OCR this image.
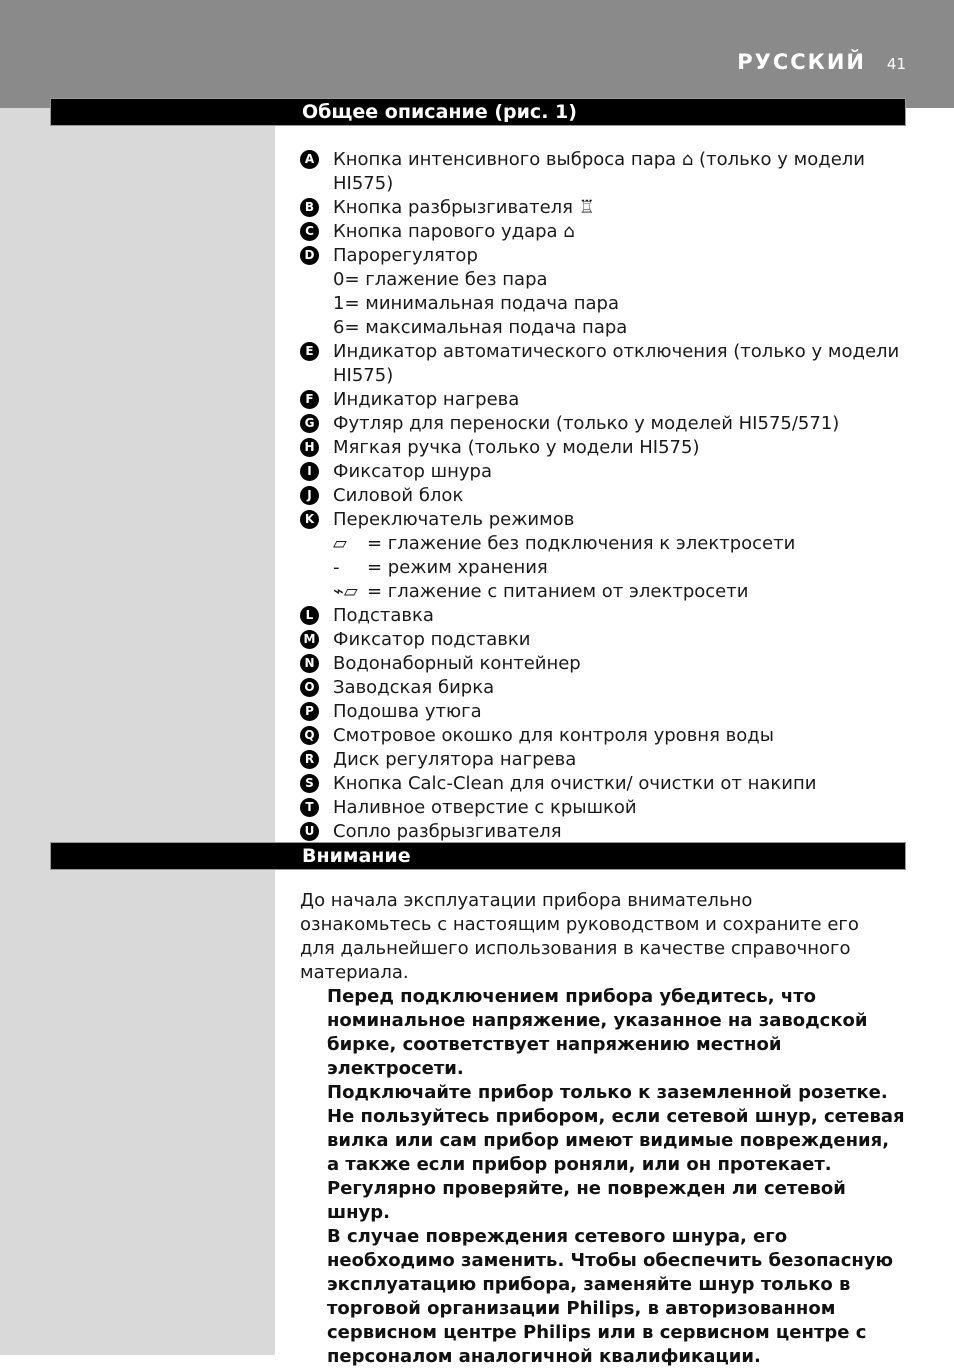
РУССКИЙ 41
Общее описание (рис. 1)
A Кнопка интенсивного выброса пара ⌂ (только у модели HI575)
B Кнопка разбрызгивателя ♖
C Кнопка парового удара ⌂
D Парорегулятор
0= глажение без пара
1= минимальная подача пара
6= максимальная подача пара
E	Индикатор автоматического отключения (только у модели HI575)
F	Индикатор нагрева
G Футляр для переноски (только у моделей HI575/571)
H Мягкая ручка (только у модели HI575)
I	Фиксатор шнура
J	Силовой блок
K Переключатель режимов
▱ = глажение без подключения к электросети
- = режим хранения
⌁▱ = глажение с питанием от электросети
L	Подставка
M Фиксатор подставки
N Водонаборный контейнер
O Заводская бирка
P Подошва утюга
Q Смотровое окошко для контроля уровня воды
R Диск регулятора нагрева
S Кнопка Calc-Clean для очистки/ очистки от накипи
T	Наливное отверстие с крышкой
U Сопло разбрызгивателя
Внимание

До начала эксплуатации прибора внимательно ознакомьтесь с настоящим руководством и сохраните его для дальнейшего использования в качестве справочного материала.

Перед подключением прибора убедитесь, что номинальное напряжение, указанное на заводской бирке, соответствует напряжению местной электросети.

Подключайте прибор только к заземленной розетке.

Не пользуйтесь прибором, если сетевой шнур, сетевая вилка или сам прибор имеют видимые повреждения, а также если прибор роняли, или он протекает.

Регулярно проверяйте, не поврежден ли сетевой шнур.

В случае повреждения сетевого шнура, его необходимо заменить. Чтобы обеспечить безопасную эксплуатацию прибора, заменяйте шнур только в торговой организации Philips, в авторизованном сервисном центре Philips или в сервисном центре с персоналом аналогичной квалификации.
